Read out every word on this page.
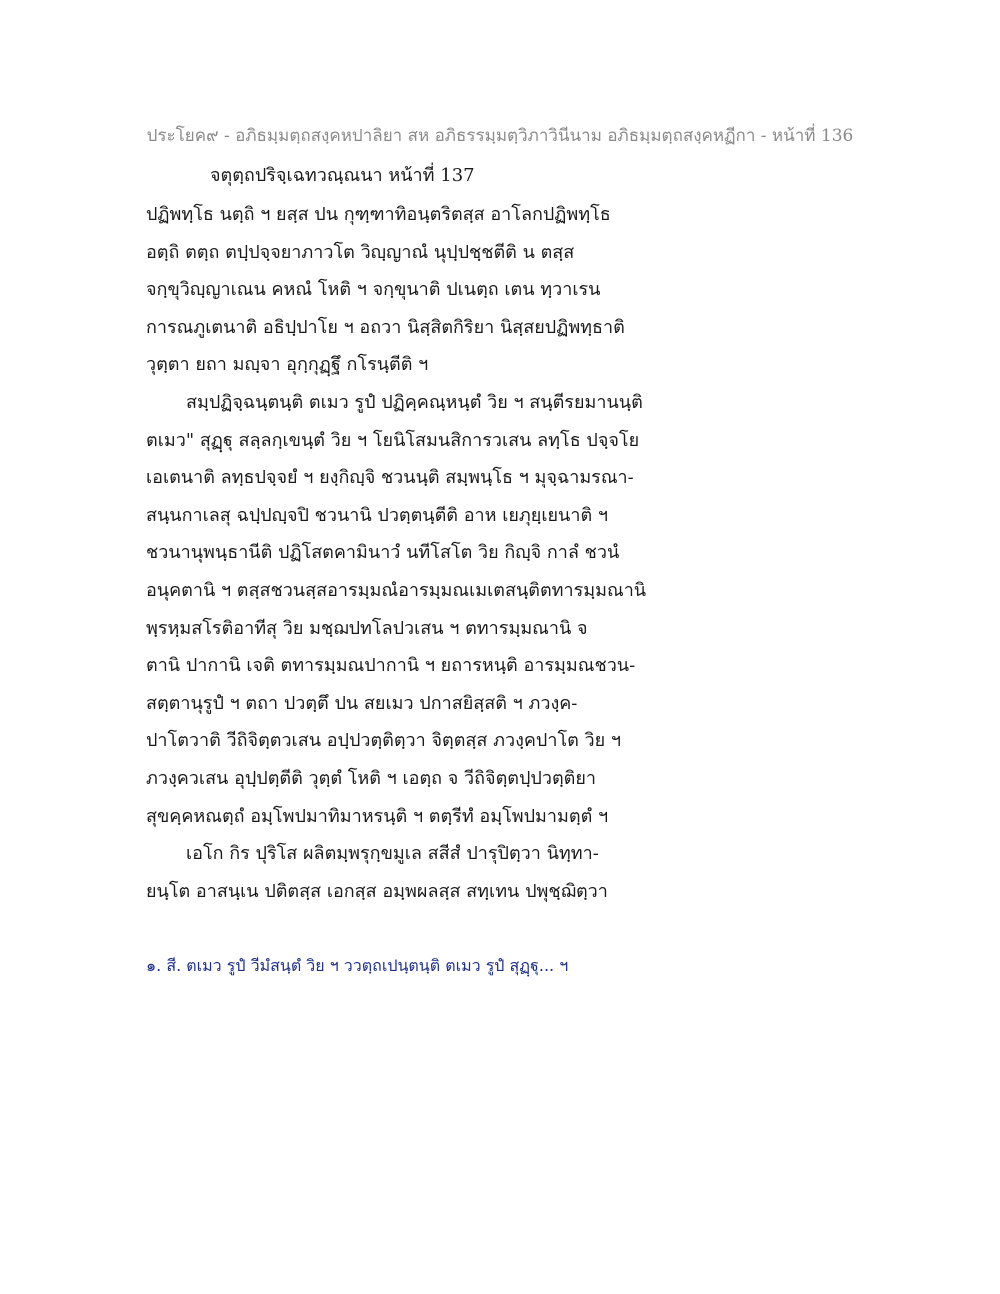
ประโยค๙ - อภิธมฺมตฺถสงฺคหปาลิยา สห อภิธรรมฺมตฺวิภาวินีนาม อภิธมฺมตฺถสงฺคหฏีกา - หน้าที่ 136
จตุตฺถปริจฺเฉทวณฺณนา หน้าที่ 137
ปฏิพทฺโธ นตฺถิ ฯ ยสฺส ปน กุฑฺฑาทิอนฺตริตสฺส อาโลกปฏิพทฺโธ
อตฺถิ ตตฺถ ตปฺปจฺจยาภาวโต วิญฺญาณํ นุปฺปชฺชตีติ น ตสฺส
จกฺขุวิญฺญาเณน คหณํ โหติ ฯ จกฺขุนาติ ปเนตฺถ เตน ทฺวาเรน
การณภูเตนาติ อธิปฺปาโย ฯ อถวา นิสฺสิตกิริยา นิสฺสยปฏิพทฺธาติ
วุตฺตา ยถา มญฺจา อุกฺกุฏฺฐึ กโรนฺตีติ ฯ
สมฺปฏิจฺฉนฺตนฺติ ตเมว รูปํ ปฏิคฺคณฺหนฺตํ วิย ฯ สนฺตีรยมานนฺติ
ตเมว" สุฏฺฐุ สลฺลกฺเขนฺตํ วิย ฯ โยนิโสมนสิการวเสน ลทฺโธ ปจฺจโย
เอเตนาติ ลทฺธปจฺจยํ ฯ ยงฺกิญฺจิ ชวนนฺติ สมฺพนฺโธ ฯ มุจฺฉามรณา-
สนฺนกาเลสุ ฉปฺปญฺจปิ ชวนานิ ปวตฺตนฺตีติ อาห เยภุยฺเยนาติ ฯ
ชวนานุพนฺธานีติ ปฏิโสตคามินาวํ นทีโสโต วิย กิญฺจิ กาลํ ชวนํ
อนุคตานิ ฯ ตสฺสชวนสฺสอารมฺมณํอารมฺมณเมเตสนฺติตทารมฺมณานิ
พฺรหฺมสโรติอาทีสุ วิย มชฺฌปทโลปวเสน ฯ ตทารมฺมณานิ จ
ตานิ ปากานิ เจติ ตทารมฺมณปากานิ ฯ ยถารหนฺติ อารมฺมณชวน-
สตฺตานุรูปํ ฯ ตถา ปวตฺตึ ปน สยเมว ปกาสยิสฺสติ ฯ ภวงฺค-
ปาโตวาติ วีถิจิตฺตวเสน อปฺปวตฺติตฺวา จิตฺตสฺส ภวงฺคปาโต วิย ฯ
ภวงฺควเสน อุปฺปตฺตีติ วุตฺตํ โหติ ฯ เอตฺถ จ วีถิจิตฺตปฺปวตฺติยา
สุขคฺคหณตฺถํ อมฺโพปมาทิมาหรนฺติ ฯ ตตฺรีทํ อมฺโพปมามตฺตํ ฯ
เอโก กิร ปุริโส ผลิตมฺพรุกฺขมูเล สสีสํ ปารุปิตฺวา นิทฺทา-
ยนฺโต อาสนฺเน ปติตสฺส เอกสฺส อมฺพผลสฺส สทฺเทน ปพุชฺฌิตฺวา
๑. สี. ตเมว รูปํ วีมํสนฺตํ วิย ฯ ววตฺถเปนฺตนฺติ ตเมว รูปํ สุฏฺฐุ... ฯ
